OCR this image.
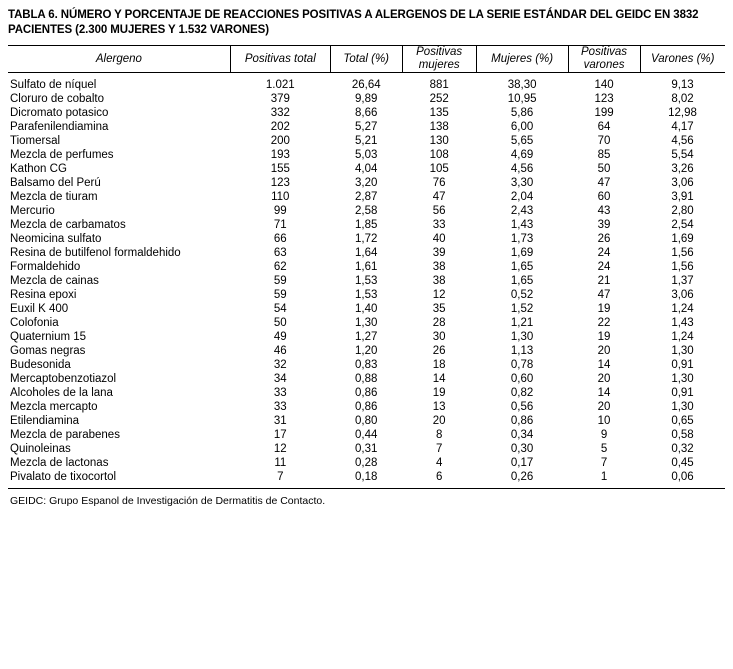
TABLA 6. NÚMERO Y PORCENTAJE DE REACCIONES POSITIVAS A ALERGENOS DE LA SERIE ESTÁNDAR DEL GEIDC EN 3832 PACIENTES (2.300 MUJERES Y 1.532 VARONES)
Alergeno	Positivas total	Total (%)	Positivas mujeres	Mujeres (%)	Positivas varones	Varones (%)
Sulfato de níquel	1.021	26,64	881	38,30	140	9,13
Cloruro de cobalto	379	9,89	252	10,95	123	8,02
Dicromato potasico	332	8,66	135	5,86	199	12,98
Parafenilendiamina	202	5,27	138	6,00	64	4,17
Tiomersal	200	5,21	130	5,65	70	4,56
Mezcla de perfumes	193	5,03	108	4,69	85	5,54
Kathon CG	155	4,04	105	4,56	50	3,26
Balsamo del Perú	123	3,20	76	3,30	47	3,06
Mezcla de tiuram	110	2,87	47	2,04	60	3,91
Mercurio	99	2,58	56	2,43	43	2,80
Mezcla de carbamatos	71	1,85	33	1,43	39	2,54
Neomicina sulfato	66	1,72	40	1,73	26	1,69
Resina de butilfenol formaldehido	63	1,64	39	1,69	24	1,56
Formaldehido	62	1,61	38	1,65	24	1,56
Mezcla de cainas	59	1,53	38	1,65	21	1,37
Resina epoxi	59	1,53	12	0,52	47	3,06
Euxil K 400	54	1,40	35	1,52	19	1,24
Colofonia	50	1,30	28	1,21	22	1,43
Quaternium 15	49	1,27	30	1,30	19	1,24
Gomas negras	46	1,20	26	1,13	20	1,30
Budesonida	32	0,83	18	0,78	14	0,91
Mercaptobenzotiazol	34	0,88	14	0,60	20	1,30
Alcoholes de la lana	33	0,86	19	0,82	14	0,91
Mezcla mercapto	33	0,86	13	0,56	20	1,30
Etilendiamina	31	0,80	20	0,86	10	0,65
Mezcla de parabenes	17	0,44	8	0,34	9	0,58
Quinoleinas	12	0,31	7	0,30	5	0,32
Mezcla de lactonas	11	0,28	4	0,17	7	0,45
Pivalato de tixocortol	7	0,18	6	0,26	1	0,06
GEIDC: Grupo Espanol de Investigación de Dermatitis de Contacto.
